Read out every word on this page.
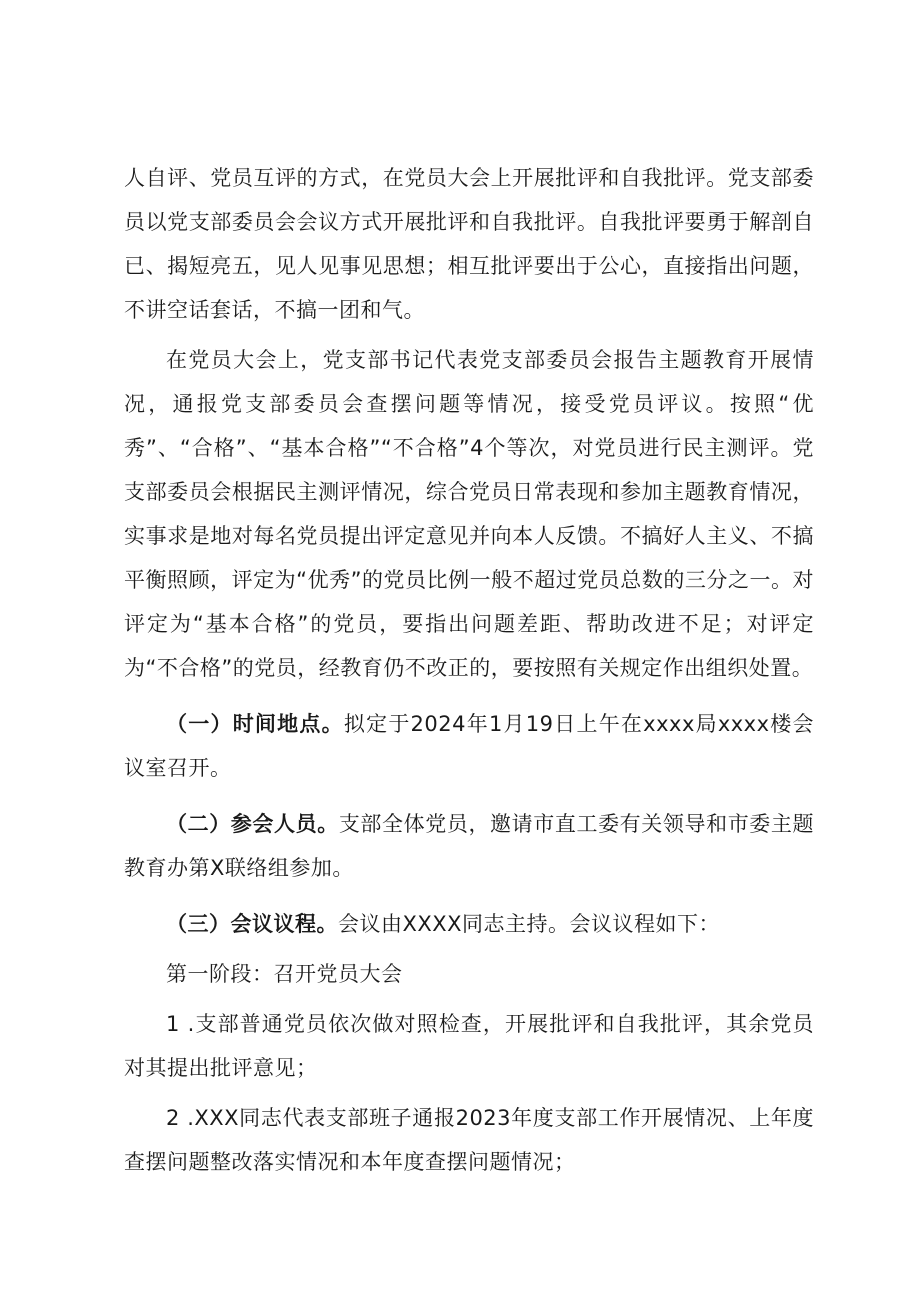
人自评、党员互评的方式，在党员大会上开展批评和自我批评。党支部委员以党支部委员会会议方式开展批评和自我批评。自我批评要勇于解剖自已、揭短亮五，见人见事见思想；相互批评要出于公心，直接指出问题，不讲空话套话，不搞一团和气。

在党员大会上，党支部书记代表党支部委员会报告主题教育开展情况，通报党支部委员会查摆问题等情况，接受党员评议。按照“优秀”、“合格”、“基本合格”“不合格”4个等次，对党员进行民主测评。党支部委员会根据民主测评情况，综合党员日常表现和参加主题教育情况，实事求是地对每名党员提出评定意见并向本人反馈。不搞好人主义、不搞平衡照顾，评定为“优秀”的党员比例一般不超过党员总数的三分之一。对评定为“基本合格”的党员，要指出问题差距、帮助改进不足；对评定为“不合格”的党员，经教育仍不改正的，要按照有关规定作出组织处置。

（一）时间地点。拟定于2024年1月19日上午在xxxx局xxxx楼会议室召开。

（二）参会人员。支部全体党员，邀请市直工委有关领导和市委主题教育办第X联络组参加。

（三）会议议程。会议由XXXX同志主持。会议议程如下：

第一阶段：召开党员大会

1 .支部普通党员依次做对照检查，开展批评和自我批评，其余党员对其提出批评意见；

2 .XXX同志代表支部班子通报2023年度支部工作开展情况、上年度查摆问题整改落实情况和本年度查摆问题情况；
